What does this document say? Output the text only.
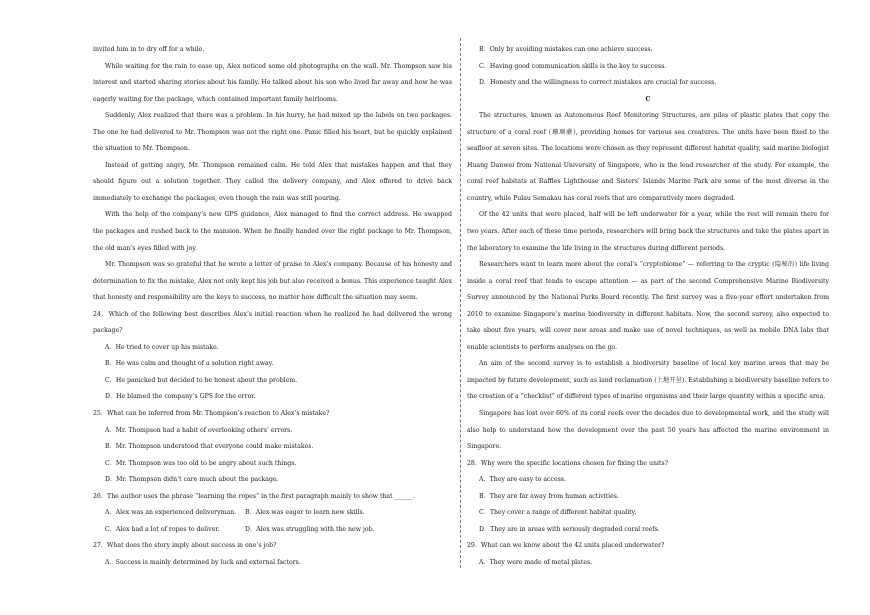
invited him in to dry off for a while.

While waiting for the rain to ease up, Alex noticed some old photographs on the wall. Mr. Thompson saw his interest and started sharing stories about his family. He talked about his son who lived far away and how he was eagerly waiting for the package, which contained important family heirlooms.

Suddenly, Alex realized that there was a problem. In his hurry, he had mixed up the labels on two packages. The one he had delivered to Mr. Thompson was not the right one. Panic filled his heart, but he quickly explained the situation to Mr. Thompson.

Instead of getting angry, Mr. Thompson remained calm. He told Alex that mistakes happen and that they should figure out a solution together. They called the delivery company, and Alex offered to drive back immediately to exchange the packages, even though the rain was still pouring.

With the help of the company’s new GPS guidance, Alex managed to find the correct address. He swapped the packages and rushed back to the mansion. When he finally handed over the right package to Mr. Thompson, the old man’s eyes filled with joy.

Mr. Thompson was so grateful that he wrote a letter of praise to Alex’s company. Because of his honesty and determination to fix the mistake, Alex not only kept his job but also received a bonus. This experience taught Alex that honesty and responsibility are the keys to success, no matter how difficult the situation may seem.

24．Which of the following best describes Alex’s initial reaction when he realized he had delivered the wrong package?

A．He tried to cover up his mistake.

B．He was calm and thought of a solution right away.

C．He panicked but decided to be honest about the problem.

D．He blamed the company’s GPS for the error.

25．What can be inferred from Mr. Thompson’s reaction to Alex’s mistake?

A．Mr. Thompson had a habit of overlooking others’ errors.

B．Mr. Thompson understood that everyone could make mistakes.

C．Mr. Thompson was too old to be angry about such things.

D．Mr. Thompson didn’t care much about the package.

26．The author uses the phrase “learning the ropes” in the first paragraph mainly to show that ______.

A．Alex was an experienced deliveryman. B．Alex was eager to learn new skills.

C．Alex had a lot of ropes to deliver.	D．Alex was struggling with the new job.

27．What does the story imply about success in one’s job?

A．Success is mainly determined by luck and external factors.

B．Only by avoiding mistakes can one achieve success.

C．Having good communication skills is the key to success.

D．Honesty and the willingness to correct mistakes are crucial for success.

C

The structures, known as Autonomous Reef Monitoring Structures, are piles of plastic plates that copy the structure of a coral reef (珊瑚礁), providing homes for various sea creatures. The units have been fixed to the seafloor at seven sites. The locations were chosen as they represent different habitat quality, said marine biologist Huang Danwei from National University of Singapore, who is the lead researcher of the study. For example, the coral reef habitats at Raffles Lighthouse and Sisters’ Islands Marine Park are some of the most diverse in the country, while Pulau Semakau has coral reefs that are comparatively more degraded.

Of the 42 units that were placed, half will be left underwater for a year, while the rest will remain there for two years. After each of these time periods, researchers will bring back the structures and take the plates apart in the laboratory to examine the life living in the structures during different periods.

Researchers want to learn more about the coral’s “cryptobiome” — referring to the cryptic (隐秘的) life living inside a coral reef that tends to escape attention — as part of the second Comprehensive Marine Biodiversity Survey announced by the National Parks Board recently. The first survey was a five-year effort undertaken from 2010 to examine Singapore’s marine biodiversity in different habitats. Now, the second survey, also expected to take about five years, will cover new areas and make use of novel techniques, as well as mobile DNA labs that enable scientists to perform analyses on the go.

An aim of the second survey is to establish a biodiversity baseline of local key marine areas that may be impacted by future development, such as land reclamation (土地开垦). Establishing a biodiversity baseline refers to the creation of a “checklist” of different types of marine organisms and their large quantity within a specific area.

Singapore has lost over 60% of its coral reefs over the decades due to developmental work, and the study will also help to understand how the development over the past 50 years has affected the marine environment in Singapore.

28．Why were the specific locations chosen for fixing the units?

A．They are easy to access.

B．They are far away from human activities.

C．They cover a range of different habitat quality.

D．They are in areas with seriously degraded coral reefs.

29．What can we know about the 42 units placed underwater?

A．They were made of metal plates.
